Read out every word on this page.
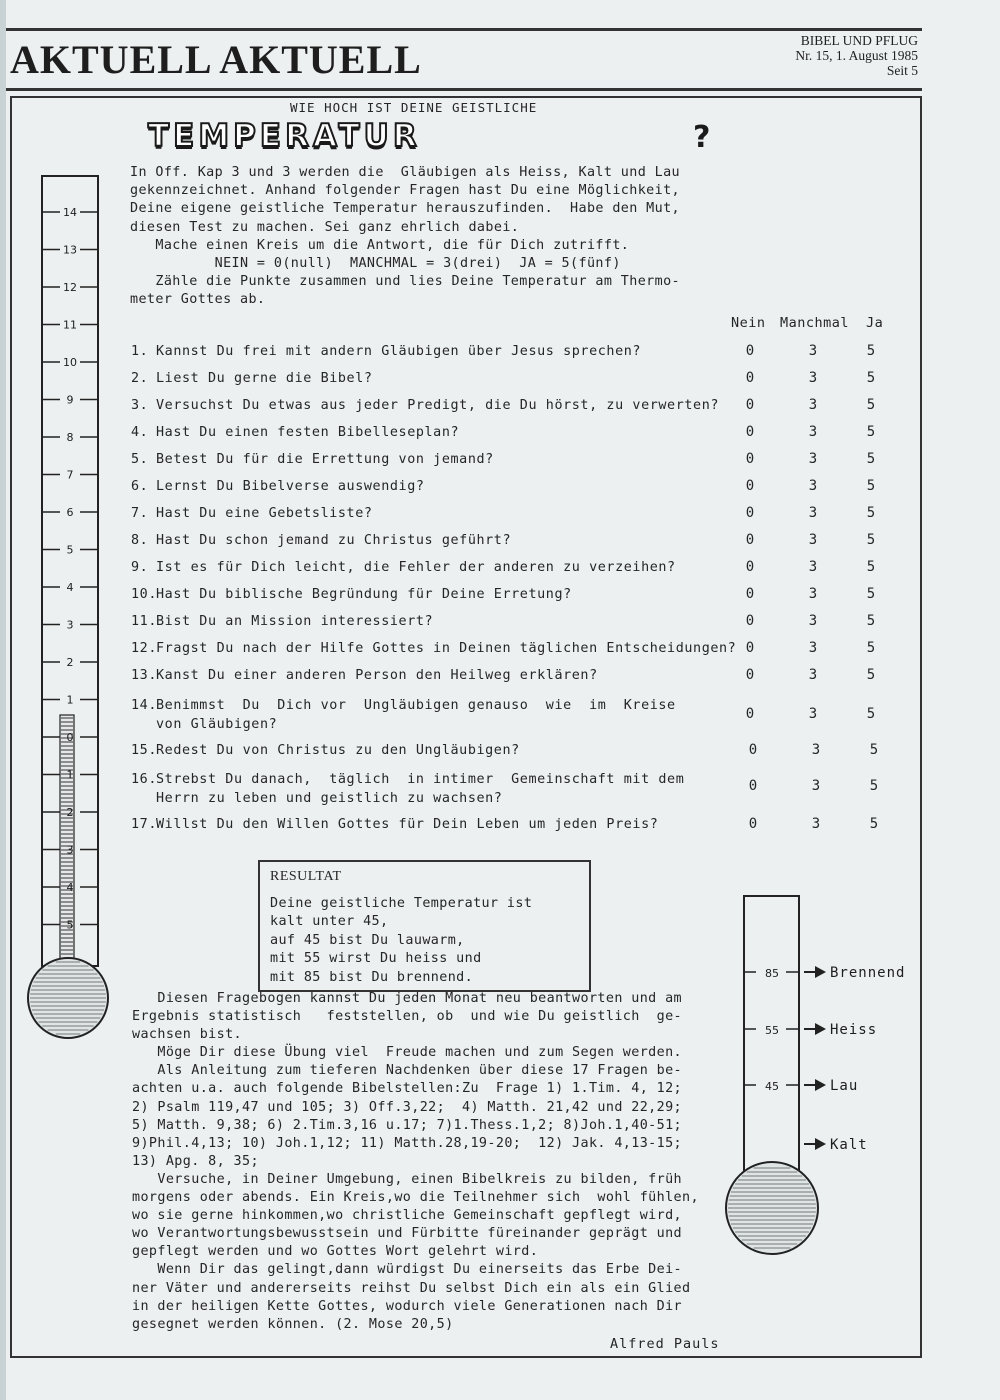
AKTUELL AKTUELL	BIBEL UND PFLUG
Nr. 15, 1. August 1985
Seit 5
WIE HOCH IST DEINE GEISTLICHE
TEMPERATUR	?

In Off. Kap 3 und 3 werden die  Gläubigen als Heiss, Kalt und Lau

gekennzeichnet. Anhand folgender Fragen hast Du eine Möglichkeit,

Deine eigene geistliche Temperatur herauszufinden.  Habe den Mut,

diesen Test zu machen. Sei ganz ehrlich dabei.

Mache einen Kreis um die Antwort, die für Dich zutrifft.

NEIN = 0(null)  MANCHMAL = 3(drei)  JA = 5(fünf)

Zähle die Punkte zusammen und lies Deine Temperatur am Thermo-

meter Gottes ab.

Nein Manchmal Ja
1. Kannst Du frei mit andern Gläubigen über Jesus sprechen?	0	3	5
2. Liest Du gerne die Bibel?	0	3	5
3. Versuchst Du etwas aus jeder Predigt, die Du hörst, zu verwerten?	0	3	5
4. Hast Du einen festen Bibelleseplan?	0	3	5
5. Betest Du für die Errettung von jemand?	0	3	5
6. Lernst Du Bibelverse auswendig?	0	3	5
7. Hast Du eine Gebetsliste?	0	3	5
8. Hast Du schon jemand zu Christus geführt?	0	3	5
9. Ist es für Dich leicht, die Fehler der anderen zu verzeihen?	0	3	5
10. Hast Du biblische Begründung für Deine Erretung?	0	3	5
11. Bist Du an Mission interessiert?	0	3	5
12. Fragst Du nach der Hilfe Gottes in Deinen täglichen Entscheidungen? 0	3	5
13. Kanst Du einer anderen Person den Heilweg erklären?	0	3	5
14. Benimmst  Du  Dich vor  Ungläubigen genauso  wie  im  Kreise
von Gläubigen?
0	3	5
15. Redest Du von Christus zu den Ungläubigen?	0	3	5
16. Strebst Du danach,  täglich  in intimer  Gemeinschaft mit dem
Herrn zu leben und geistlich zu wachsen?
0	3	5
17. Willst Du den Willen Gottes für Dein Leben um jeden Preis?	0	3	5
14
13
12
11
10
9
8
7
6
5
4
3
2
1
0
1
2
3
4
5
RESULTAT
Deine geistliche Temperatur ist
kalt unter 45,
auf 45 bist Du lauwarm,
mit 55 wirst Du heiss und
mit 85 bist Du brennend.

Diesen Fragebogen kannst Du jeden Monat neu beantworten und am

Ergebnis statistisch   feststellen, ob  und wie Du geistlich  ge-

wachsen bist.

Möge Dir diese Übung viel  Freude machen und zum Segen werden.

Als Anleitung zum tieferen Nachdenken über diese 17 Fragen be-

achten u.a. auch folgende Bibelstellen:Zu  Frage 1) 1.Tim. 4, 12;

2) Psalm 119,47 und 105; 3) Off.3,22;  4) Matth. 21,42 und 22,29;

5) Matth. 9,38; 6) 2.Tim.3,16 u.17; 7)1.Thess.1,2; 8)Joh.1,40-51;

9)Phil.4,13; 10) Joh.1,12; 11) Matth.28,19-20;  12) Jak. 4,13-15;

13) Apg. 8, 35;

Versuche, in Deiner Umgebung, einen Bibelkreis zu bilden, früh

morgens oder abends. Ein Kreis,wo die Teilnehmer sich  wohl fühlen,

wo sie gerne hinkommen,wo christliche Gemeinschaft gepflegt wird,

wo Verantwortungsbewusstsein und Fürbitte füreinander geprägt und

gepflegt werden und wo Gottes Wort gelehrt wird.

Wenn Dir das gelingt,dann würdigst Du einerseits das Erbe Dei-

ner Väter und andererseits reihst Du selbst Dich ein als ein Glied

in der heiligen Kette Gottes, wodurch viele Generationen nach Dir

gesegnet werden können. (2. Mose 20,5)

Alfred Pauls
85	Brennend
55	Heiss
45	Lau
Kalt
